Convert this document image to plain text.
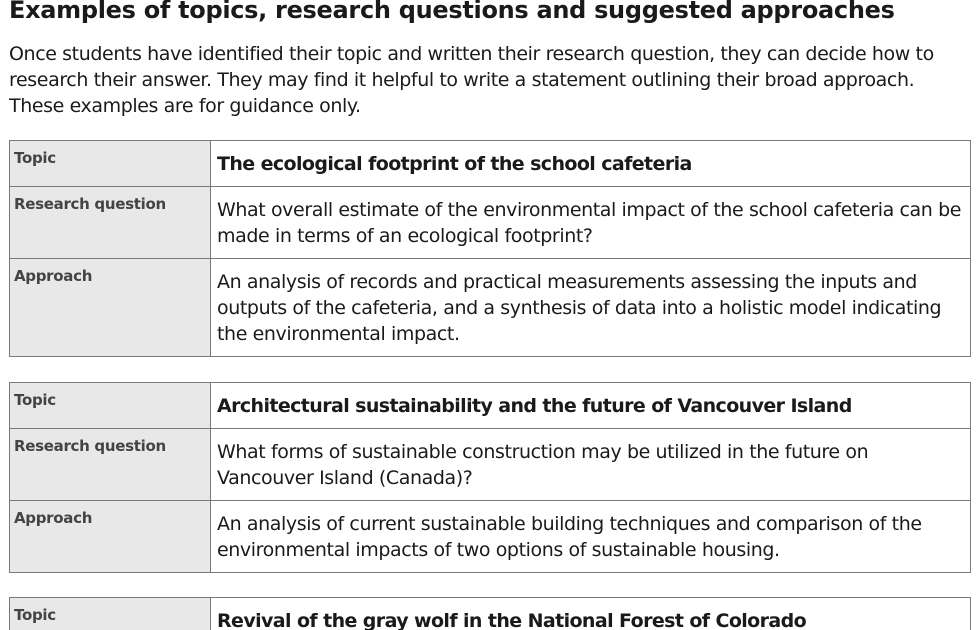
Examples of topics, research questions and suggested approaches

Once students have identified their topic and written their research question, they can decide how to research their answer. They may find it helpful to write a statement outlining their broad approach. These examples are for guidance only.

Topic	The ecological footprint of the school cafeteria
Research question	What overall estimate of the environmental impact of the school cafeteria can be made in terms of an ecological footprint?
Approach	An analysis of records and practical measurements assessing the inputs and outputs of the cafeteria, and a synthesis of data into a holistic model indicating the environmental impact.
Topic	Architectural sustainability and the future of Vancouver Island
Research question	What forms of sustainable construction may be utilized in the future on Vancouver Island (Canada)?
Approach	An analysis of current sustainable building techniques and comparison of the environmental impacts of two options of sustainable housing.
Topic	Revival of the gray wolf in the National Forest of Colorado
